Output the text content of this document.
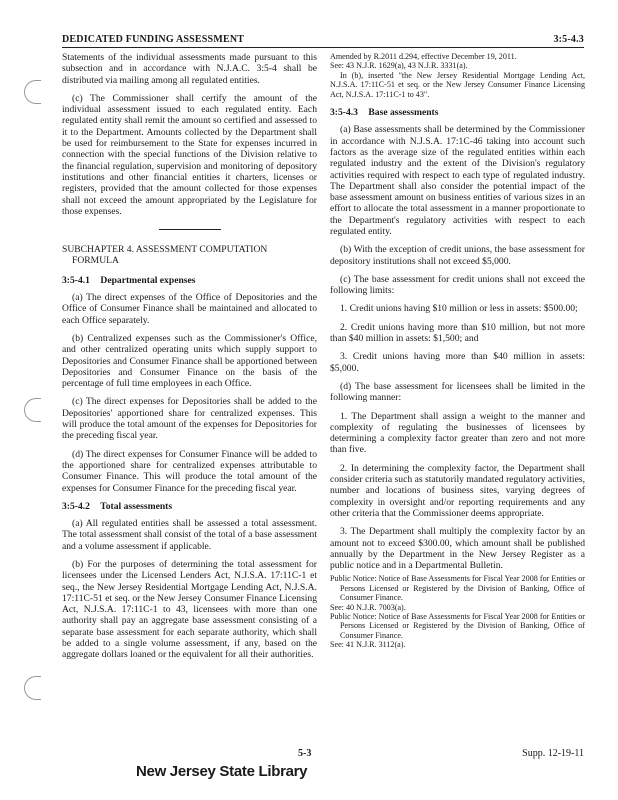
DEDICATED FUNDING ASSESSMENT	3:5-4.3

Statements of the individual assessments made pursuant to this subsection and in accordance with N.J.A.C. 3:5-4 shall be distributed via mailing among all regulated entities.

(c) The Commissioner shall certify the amount of the individual assessment issued to each regulated entity. Each regulated entity shall remit the amount so certified and assessed to it to the Department. Amounts collected by the Department shall be used for reimbursement to the State for expenses incurred in connection with the special functions of the Division relative to the financial regulation, supervision and monitoring of depository institutions and other financial entities it charters, licenses or registers, provided that the amount collected for those expenses shall not exceed the amount appropriated by the Legislature for those expenses.

SUBCHAPTER 4. ASSESSMENT COMPUTATION
FORMULA
3:5-4.1 Departmental expenses

(a) The direct expenses of the Office of Depositories and the Office of Consumer Finance shall be maintained and allocated to each Office separately.

(b) Centralized expenses such as the Commissioner's Office, and other centralized operating units which supply support to Depositories and Consumer Finance shall be apportioned between Depositories and Consumer Finance on the basis of the percentage of full time employees in each Office.

(c) The direct expenses for Depositories shall be added to the Depositories' apportioned share for centralized expenses. This will produce the total amount of the expenses for Depositories for the preceding fiscal year.

(d) The direct expenses for Consumer Finance will be added to the apportioned share for centralized expenses attributable to Consumer Finance. This will produce the total amount of the expenses for Consumer Finance for the preceding fiscal year.

3:5-4.2 Total assessments

(a) All regulated entities shall be assessed a total assessment. The total assessment shall consist of the total of a base assessment and a volume assessment if applicable.

(b) For the purposes of determining the total assessment for licensees under the Licensed Lenders Act, N.J.S.A. 17:11C-1 et seq., the New Jersey Residential Mortgage Lending Act, N.J.S.A. 17:11C-51 et seq. or the New Jersey Consumer Finance Licensing Act, N.J.S.A. 17:11C-1 to 43, licensees with more than one authority shall pay an aggregate base assessment consisting of a separate base assessment for each separate authority, which shall be added to a single volume assessment, if any, based on the aggregate dollars loaned or the equivalent for all their authorities.

Amended by R.2011 d.294, effective December 19, 2011.

See: 43 N.J.R. 1629(a), 43 N.J.R. 3331(a).

In (b), inserted "the New Jersey Residential Mortgage Lending Act, N.J.S.A. 17:11C-51 et seq. or the New Jersey Consumer Finance Licensing Act, N.J.S.A. 17:11C-1 to 43".

3:5-4.3 Base assessments

(a) Base assessments shall be determined by the Commissioner in accordance with N.J.S.A. 17:1C-46 taking into account such factors as the average size of the regulated entities within each regulated industry and the extent of the Division's regulatory activities required with respect to each type of regulated industry. The Department shall also consider the potential impact of the base assessment amount on business entities of various sizes in an effort to allocate the total assessment in a manner proportionate to the Department's regulatory activities with respect to each regulated entity.

(b) With the exception of credit unions, the base assessment for depository institutions shall not exceed $5,000.

(c) The base assessment for credit unions shall not exceed the following limits:

1. Credit unions having $10 million or less in assets: $500.00;

2. Credit unions having more than $10 million, but not more than $40 million in assets: $1,500; and

3. Credit unions having more than $40 million in assets: $5,000.

(d) The base assessment for licensees shall be limited in the following manner:

1. The Department shall assign a weight to the manner and complexity of regulating the businesses of licensees by determining a complexity factor greater than zero and not more than five.

2. In determining the complexity factor, the Department shall consider criteria such as statutorily mandated regulatory activities, number and locations of business sites, varying degrees of complexity in oversight and/or reporting requirements and any other criteria that the Commissioner deems appropriate.

3. The Department shall multiply the complexity factor by an amount not to exceed $300.00, which amount shall be published annually by the Department in the New Jersey Register as a public notice and in a Departmental Bulletin.

Public Notice: Notice of Base Assessments for Fiscal Year 2008 for Entities or Persons Licensed or Registered by the Division of Banking, Office of Consumer Finance.

See: 40 N.J.R. 7003(a).

Public Notice: Notice of Base Assessments for Fiscal Year 2008 for Entities or Persons Licensed or Registered by the Division of Banking, Office of Consumer Finance.

See: 41 N.J.R. 3112(a).

5-3	Supp. 12-19-11
New Jersey State Library
